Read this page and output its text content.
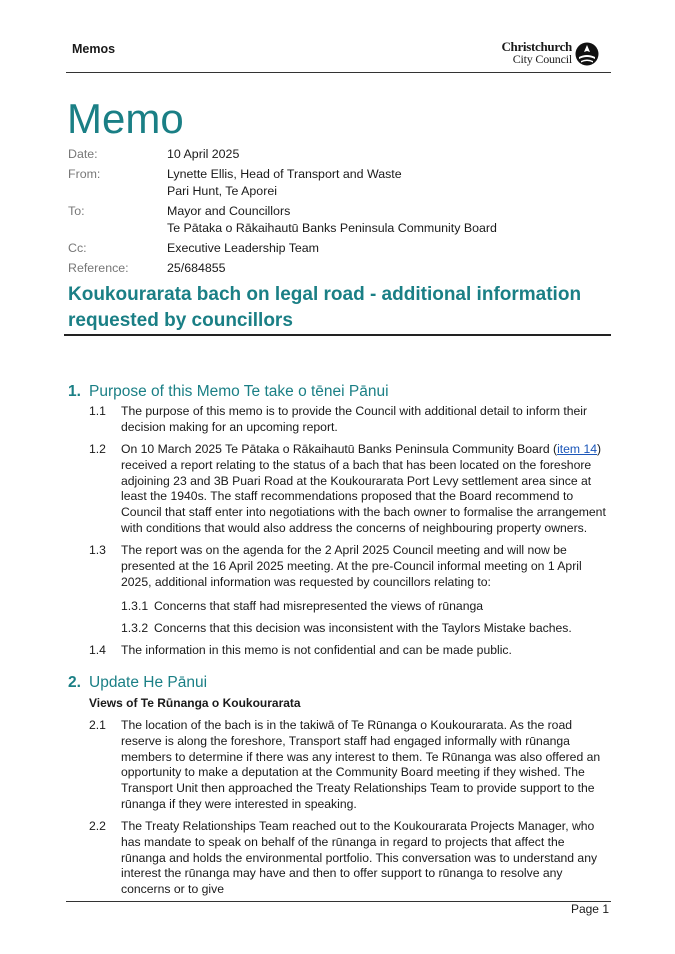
Memos	Christchurch
City Council
Memo
Date:	10 April 2025
From:	Lynette Ellis, Head of Transport and Waste
Pari Hunt, Te Aporei
To:	Mayor and Councillors
Te Pātaka o Rākaihautū Banks Peninsula Community Board
Cc:	Executive Leadership Team
Reference:	25/684855
Koukourarata bach on legal road - additional information
requested by councillors
1. Purpose of this Memo Te take o tēnei Pānui
1.1	The purpose of this memo is to provide the Council with additional detail to inform their decision making for an upcoming report.
1.2	On 10 March 2025 Te Pātaka o Rākaihautū Banks Peninsula Community Board (item 14) received a report relating to the status of a bach that has been located on the foreshore adjoining 23 and 3B Puari Road at the Koukourarata Port Levy settlement area since at least the 1940s. The staff recommendations proposed that the Board recommend to Council that staff enter into negotiations with the bach owner to formalise the arrangement with conditions that would also address the concerns of neighbouring property owners.
1.3	The report was on the agenda for the 2 April 2025 Council meeting and will now be presented at the 16 April 2025 meeting. At the pre-Council informal meeting on 1 April 2025, additional information was requested by councillors relating to:
1.3.1 Concerns that staff had misrepresented the views of rūnanga
1.3.2 Concerns that this decision was inconsistent with the Taylors Mistake baches.
1.4	The information in this memo is not confidential and can be made public.
2. Update He Pānui
Views of Te Rūnanga o Koukourarata
2.1	The location of the bach is in the takiwā of Te Rūnanga o Koukourarata. As the road reserve is along the foreshore, Transport staff had engaged informally with rūnanga members to determine if there was any interest to them. Te Rūnanga was also offered an opportunity to make a deputation at the Community Board meeting if they wished. The Transport Unit then approached the Treaty Relationships Team to provide support to the rūnanga if they were interested in speaking.
2.2	The Treaty Relationships Team reached out to the Koukourarata Projects Manager, who has mandate to speak on behalf of the rūnanga in regard to projects that affect the rūnanga and holds the environmental portfolio. This conversation was to understand any interest the rūnanga may have and then to offer support to rūnanga to resolve any concerns or to give
Page 1
